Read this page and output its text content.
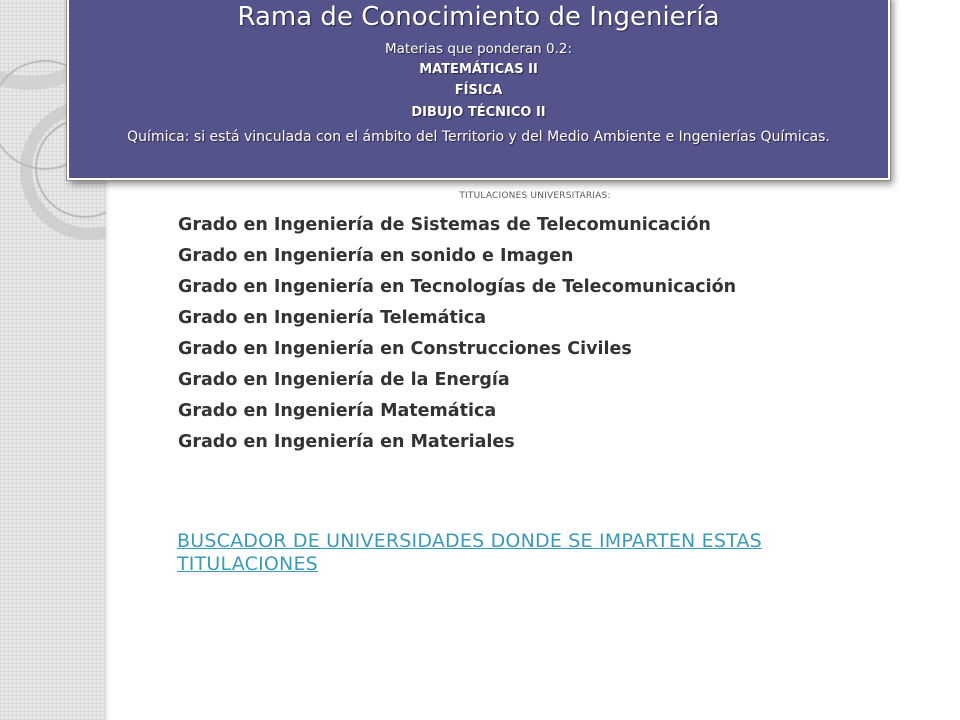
Rama de Conocimiento de Ingeniería
Materias que ponderan 0.2:
MATEMÁTICAS II
FÍSICA
DIBUJO TÉCNICO II
Química: si está vinculada con el ámbito del Territorio y del Medio Ambiente e Ingenierías Químicas.
TITULACIONES UNIVERSITARIAS:
Grado en Ingeniería de Sistemas de Telecomunicación
Grado en Ingeniería en sonido e Imagen
Grado en Ingeniería en Tecnologías de Telecomunicación
Grado en Ingeniería Telemática
Grado en Ingeniería en Construcciones Civiles
Grado en Ingeniería de la Energía
Grado en Ingeniería Matemática
Grado en Ingeniería en Materiales
BUSCADOR DE UNIVERSIDADES DONDE SE IMPARTEN ESTAS TITULACIONES
